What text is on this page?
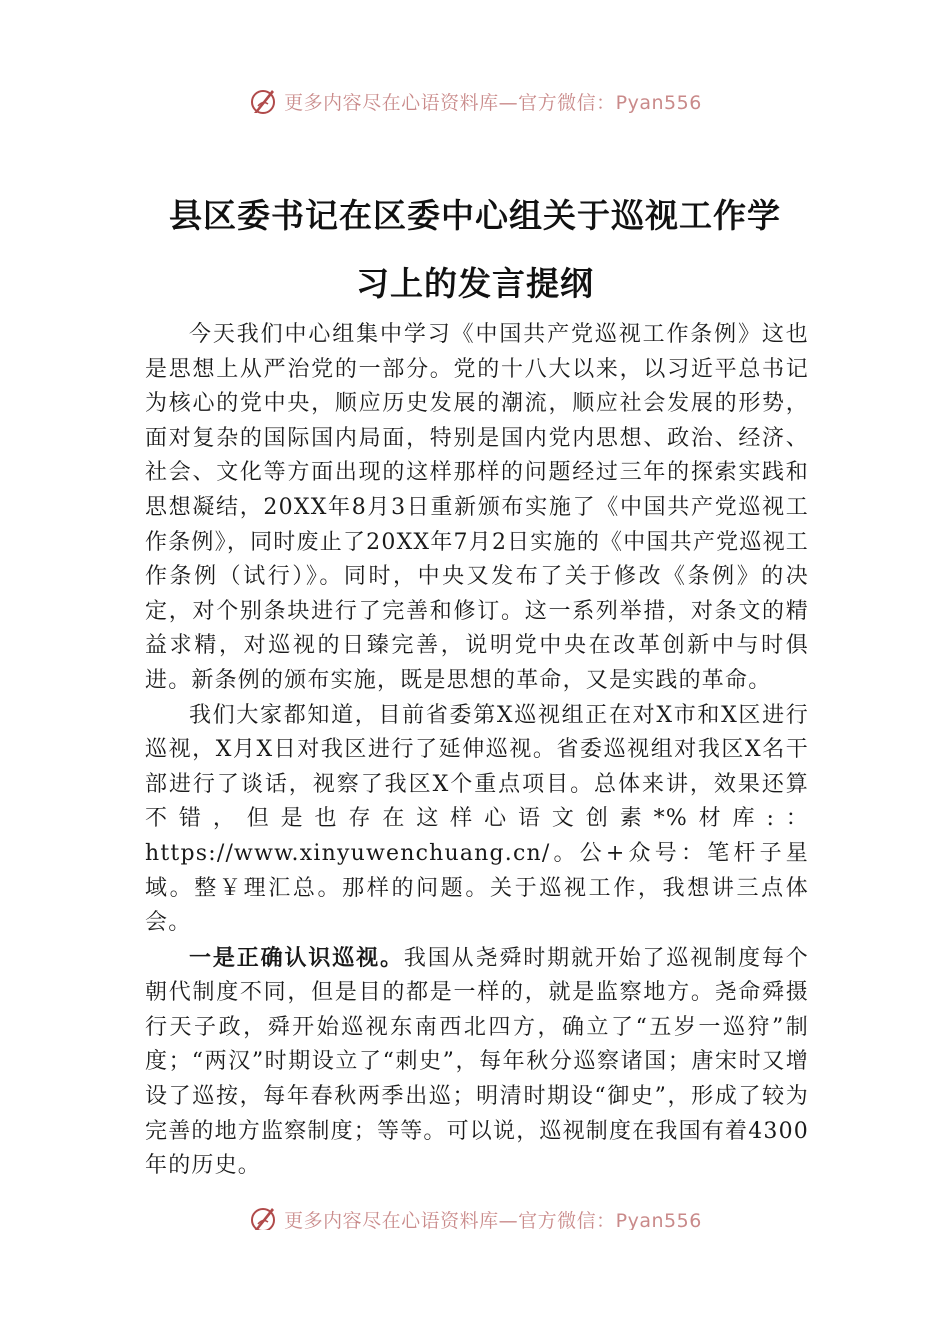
更多内容尽在心语资料库—官方微信：Pyan556
县区委书记在区委中心组关于巡视工作学
习上的发言提纲

今天我们中心组集中学习《中国共产党巡视工作条例》这也是思想上从严治党的一部分。党的十八大以来，以习近平总书记为核心的党中央，顺应历史发展的潮流，顺应社会发展的形势，面对复杂的国际国内局面，特别是国内党内思想、政治、经济、社会、文化等方面出现的这样那样的问题经过三年的探索实践和思想凝结，20XX年8月3日重新颁布实施了《中国共产党巡视工作条例》，同时废止了20XX年7月2日实施的《中国共产党巡视工作条例（试行）》。同时，中央又发布了关于修改《条例》的决定，对个别条块进行了完善和修订。这一系列举措，对条文的精益求精，对巡视的日臻完善，说明党中央在改革创新中与时俱进。新条例的颁布实施，既是思想的革命，又是实践的革命。

我们大家都知道，目前省委第X巡视组正在对X市和X区进行巡视，X月X日对我区进行了延伸巡视。省委巡视组对我区X名干部进行了谈话，视察了我区X个重点项目。总体来讲，效果还算不错，但是也存在这样心语文创素*%材库:：https://www.xinyuwenchuang.cn/。公+众号：笔杆子星域。整￥理汇总。那样的问题。关于巡视工作，我想讲三点体会。

一是正确认识巡视。我国从尧舜时期就开始了巡视制度每个朝代制度不同，但是目的都是一样的，就是监察地方。尧命舜摄行天子政，舜开始巡视东南西北四方，确立了“五岁一巡狩”制度；“两汉”时期设立了“刺史”，每年秋分巡察诸国；唐宋时又增设了巡按，每年春秋两季出巡；明清时期设“御史”，形成了较为完善的地方监察制度；等等。可以说，巡视制度在我国有着4300年的历史。

更多内容尽在心语资料库—官方微信：Pyan556
